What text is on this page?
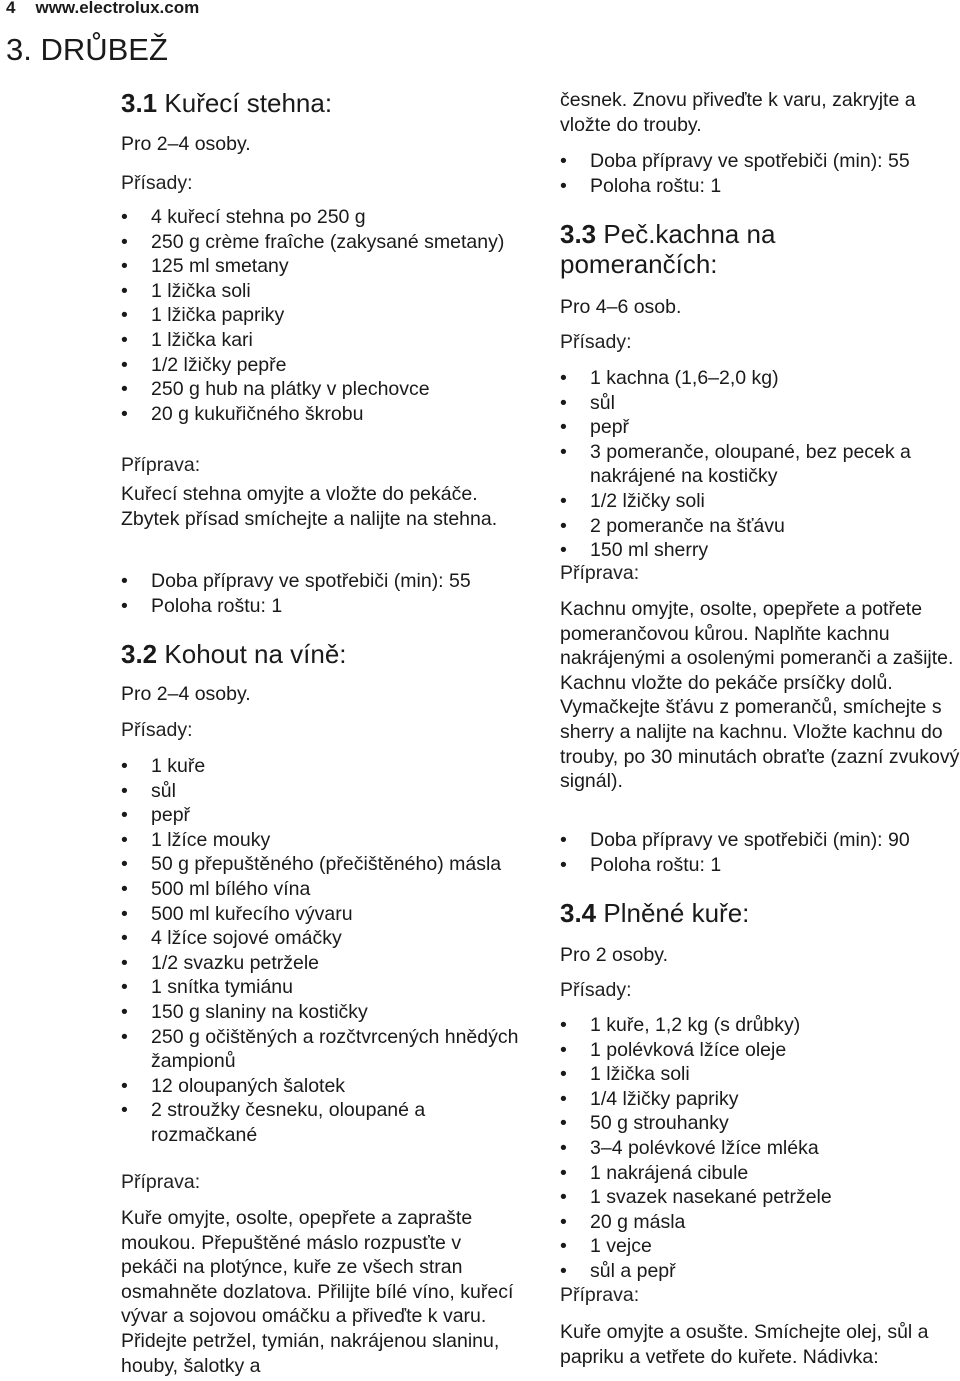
4 www.electrolux.com
3. DRŮBEŽ
3.1 Kuřecí stehna:
Pro 2–4 osoby.
Přísady:
• 4 kuřecí stehna po 250 g
• 250 g crème fraîche (zakysané smetany)
• 125 ml smetany
• 1 lžička soli
• 1 lžička papriky
• 1 lžička kari
• 1/2 lžičky pepře
• 250 g hub na plátky v plechovce
• 20 g kukuřičného škrobu
Příprava:

Kuřecí stehna omyjte a vložte do pekáče. Zbytek přísad smíchejte a nalijte na stehna.

• Doba přípravy ve spotřebiči (min): 55
• Poloha roštu: 1
3.2 Kohout na víně:
Pro 2–4 osoby.
Přísady:
• 1 kuře
• sůl
• pepř
• 1 lžíce mouky
• 50 g přepuštěného (přečištěného) másla
• 500 ml bílého vína
• 500 ml kuřecího vývaru
• 4 lžíce sojové omáčky
• 1/2 svazku petržele
• 1 snítka tymiánu
• 150 g slaniny na kostičky
• 250 g očištěných a rozčtvrcených hnědých žampionů
• 12 oloupaných šalotek
• 2 stroužky česneku, oloupané a rozmačkané
Příprava:

Kuře omyjte, osolte, opepřete a zaprašte moukou. Přepuštěné máslo rozpusťte v pekáči na plotýnce, kuře ze všech stran osmahněte dozlatova. Přilijte bílé víno, kuřecí vývar a sojovou omáčku a přiveďte k varu. Přidejte petržel, tymián, nakrájenou slaninu, houby, šalotky a

česnek. Znovu přiveďte k varu, zakryjte a vložte do trouby.

• Doba přípravy ve spotřebiči (min): 55
• Poloha roštu: 1
3.3 Peč.kachna na pomerančích:
Pro 4–6 osob.
Přísady:
• 1 kachna (1,6–2,0 kg)
• sůl
• pepř
• 3 pomeranče, oloupané, bez pecek a nakrájené na kostičky
• 1/2 lžičky soli
• 2 pomeranče na šťávu
• 150 ml sherry
Příprava:

Kachnu omyjte, osolte, opepřete a potřete pomerančovou kůrou. Naplňte kachnu nakrájenými a osolenými pomeranči a zašijte. Kachnu vložte do pekáče prsíčky dolů. Vymačkejte šťávu z pomerančů, smíchejte s sherry a nalijte na kachnu. Vložte kachnu do trouby, po 30 minutách obraťte (zazní zvukový signál).

• Doba přípravy ve spotřebiči (min): 90
• Poloha roštu: 1
3.4 Plněné kuře:
Pro 2 osoby.
Přísady:
• 1 kuře, 1,2 kg (s drůbky)
• 1 polévková lžíce oleje
• 1 lžička soli
• 1/4 lžičky papriky
• 50 g strouhanky
• 3–4 polévkové lžíce mléka
• 1 nakrájená cibule
• 1 svazek nasekané petržele
• 20 g másla
• 1 vejce
• sůl a pepř
Příprava:

Kuře omyjte a osušte. Smíchejte olej, sůl a papriku a vetřete do kuřete. Nádivka:
